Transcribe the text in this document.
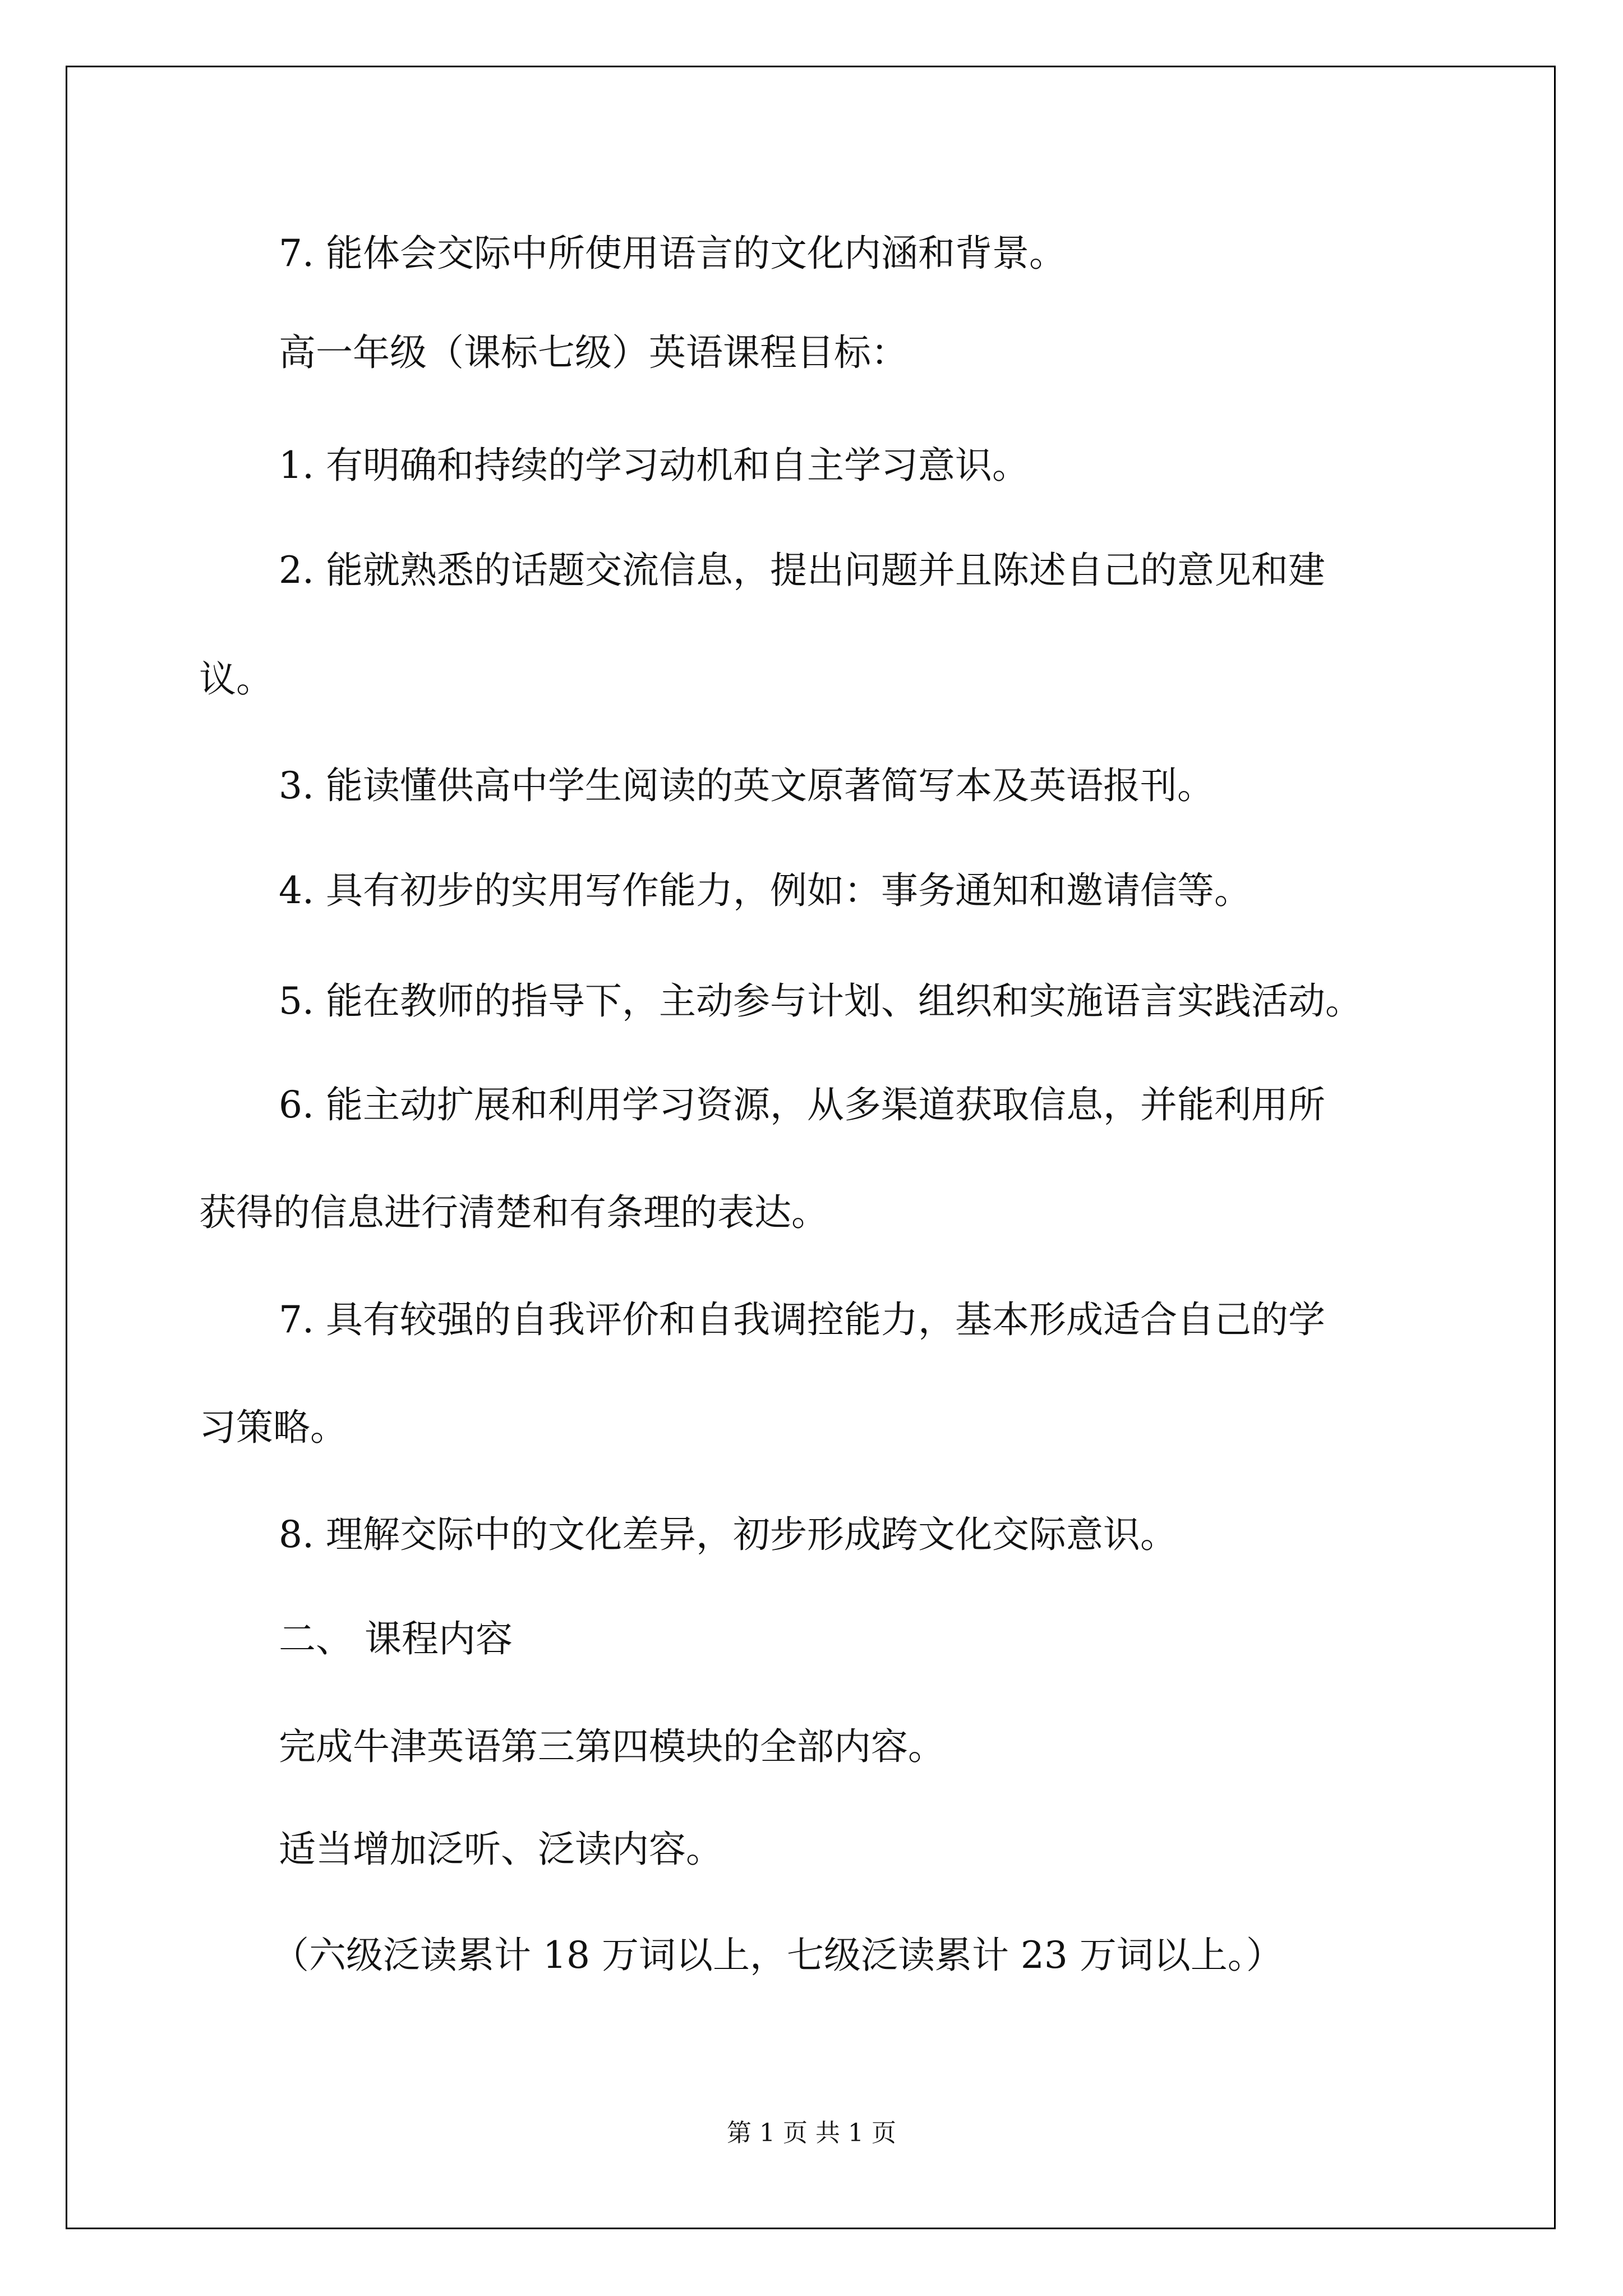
7. 能体会交际中所使用语言的文化内涵和背景。
高一年级（课标七级）英语课程目标：
1. 有明确和持续的学习动机和自主学习意识。
2. 能就熟悉的话题交流信息，提出问题并且陈述自己的意见和建
议。
3. 能读懂供高中学生阅读的英文原著简写本及英语报刊。
4. 具有初步的实用写作能力，例如：事务通知和邀请信等。
5. 能在教师的指导下，主动参与计划、组织和实施语言实践活动。
6. 能主动扩展和利用学习资源，从多渠道获取信息，并能利用所
获得的信息进行清楚和有条理的表达。
7. 具有较强的自我评价和自我调控能力，基本形成适合自己的学
习策略。
8. 理解交际中的文化差异，初步形成跨文化交际意识。
二、 课程内容
完成牛津英语第三第四模块的全部内容。
适当增加泛听、泛读内容。
（六级泛读累计 18 万词以上，七级泛读累计 23 万词以上。）
第 1 页 共 1 页
